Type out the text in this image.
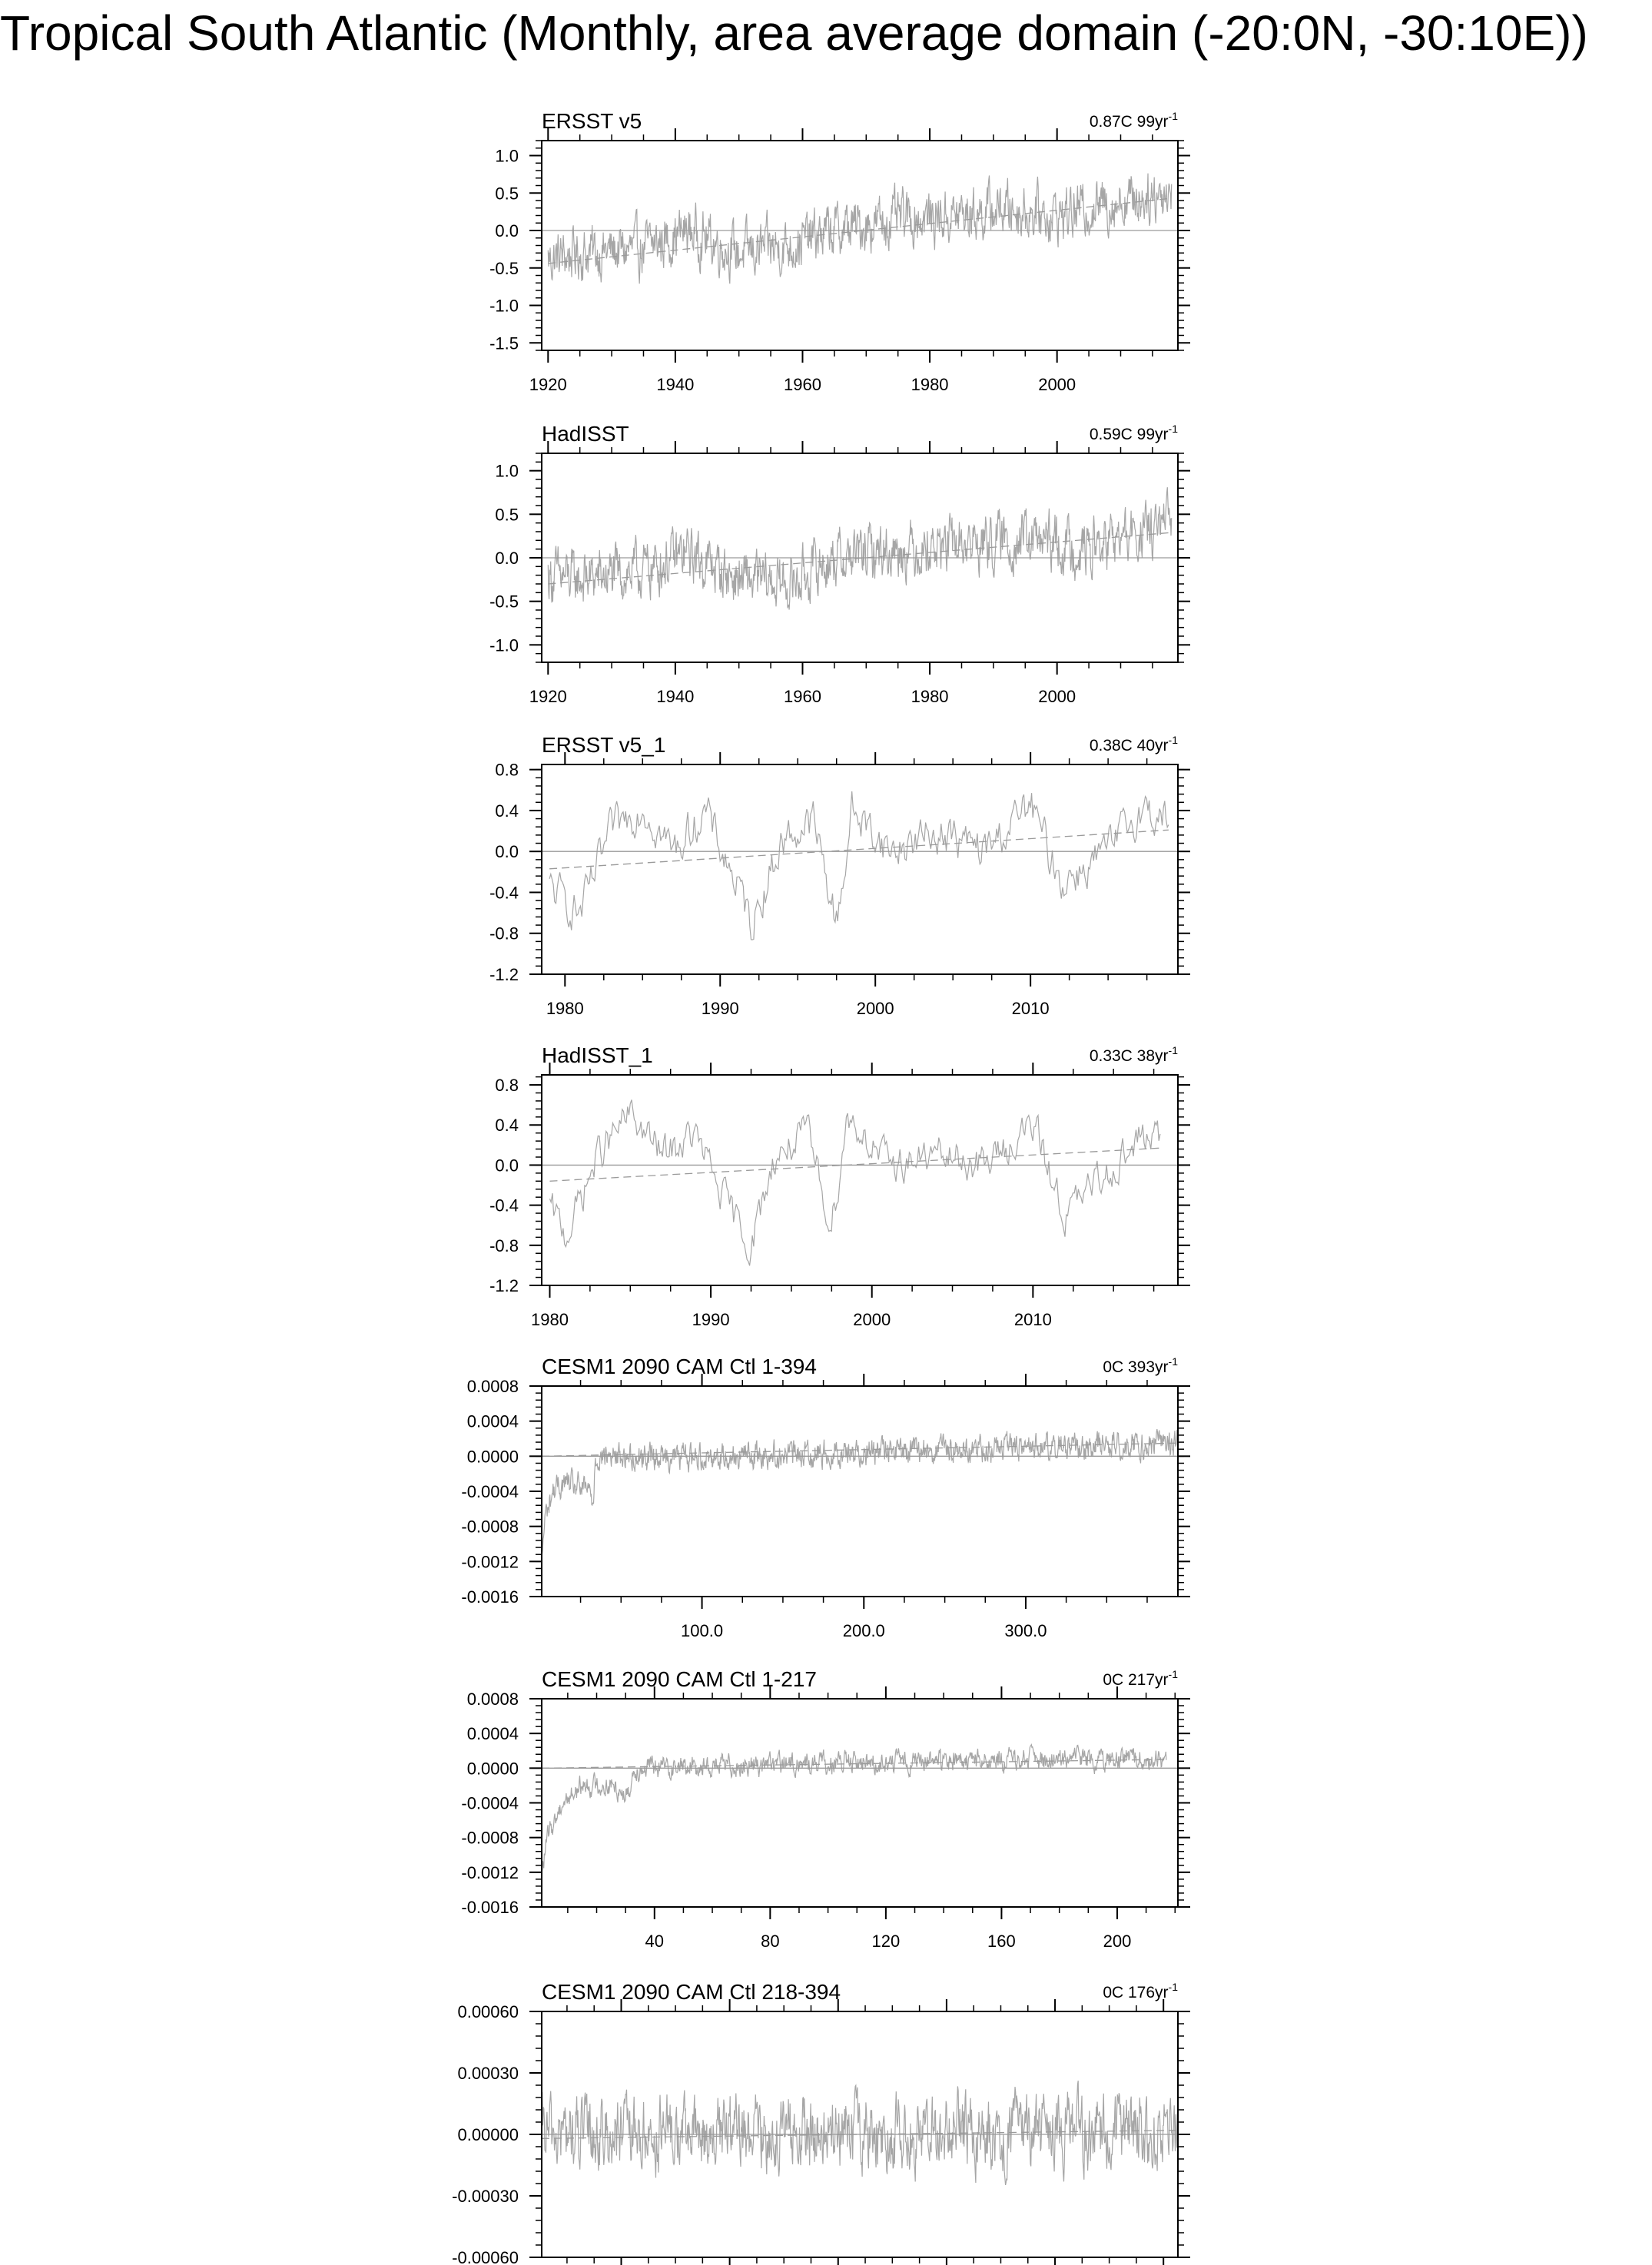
Tropical South Atlantic (Monthly, area average domain (-20:0N, -30:10E))
1920	1940	1960	1980	2000
-1.5
-1.0
-0.5
0.0
0.5
1.0
ERSST v5	0.87C $99yr^{-1}$
1920	1940	1960	1980	2000
-1.0
-0.5
0.0
0.5
1.0
HadISST	0.59C $99yr^{-1}$
1980	1990	2000	2010
-1.2
-0.8
-0.4
0.0
0.4
0.8
ERSST v5_1	0.38C $40yr^{-1}$
1980	1990	2000	2010
-1.2
-0.8
-0.4
0.0
0.4
0.8
HadISST_1	0.33C $38yr^{-1}$
100.0	200.0	300.0
-0.0016
-0.0012
-0.0008
-0.0004
0.0000
0.0004
0.0008
CESM1 2090 CAM Ctl 1-394	0C $393yr^{-1}$
40	80	120	160	200
-0.0016
-0.0012
-0.0008
-0.0004
0.0000
0.0004
0.0008
CESM1 2090 CAM Ctl 1-217	0C $217yr^{-1}$
-0.00060
-0.00030
0.00000
0.00030
0.00060
CESM1 2090 CAM Ctl 218-394	0C $176yr^{-1}$
